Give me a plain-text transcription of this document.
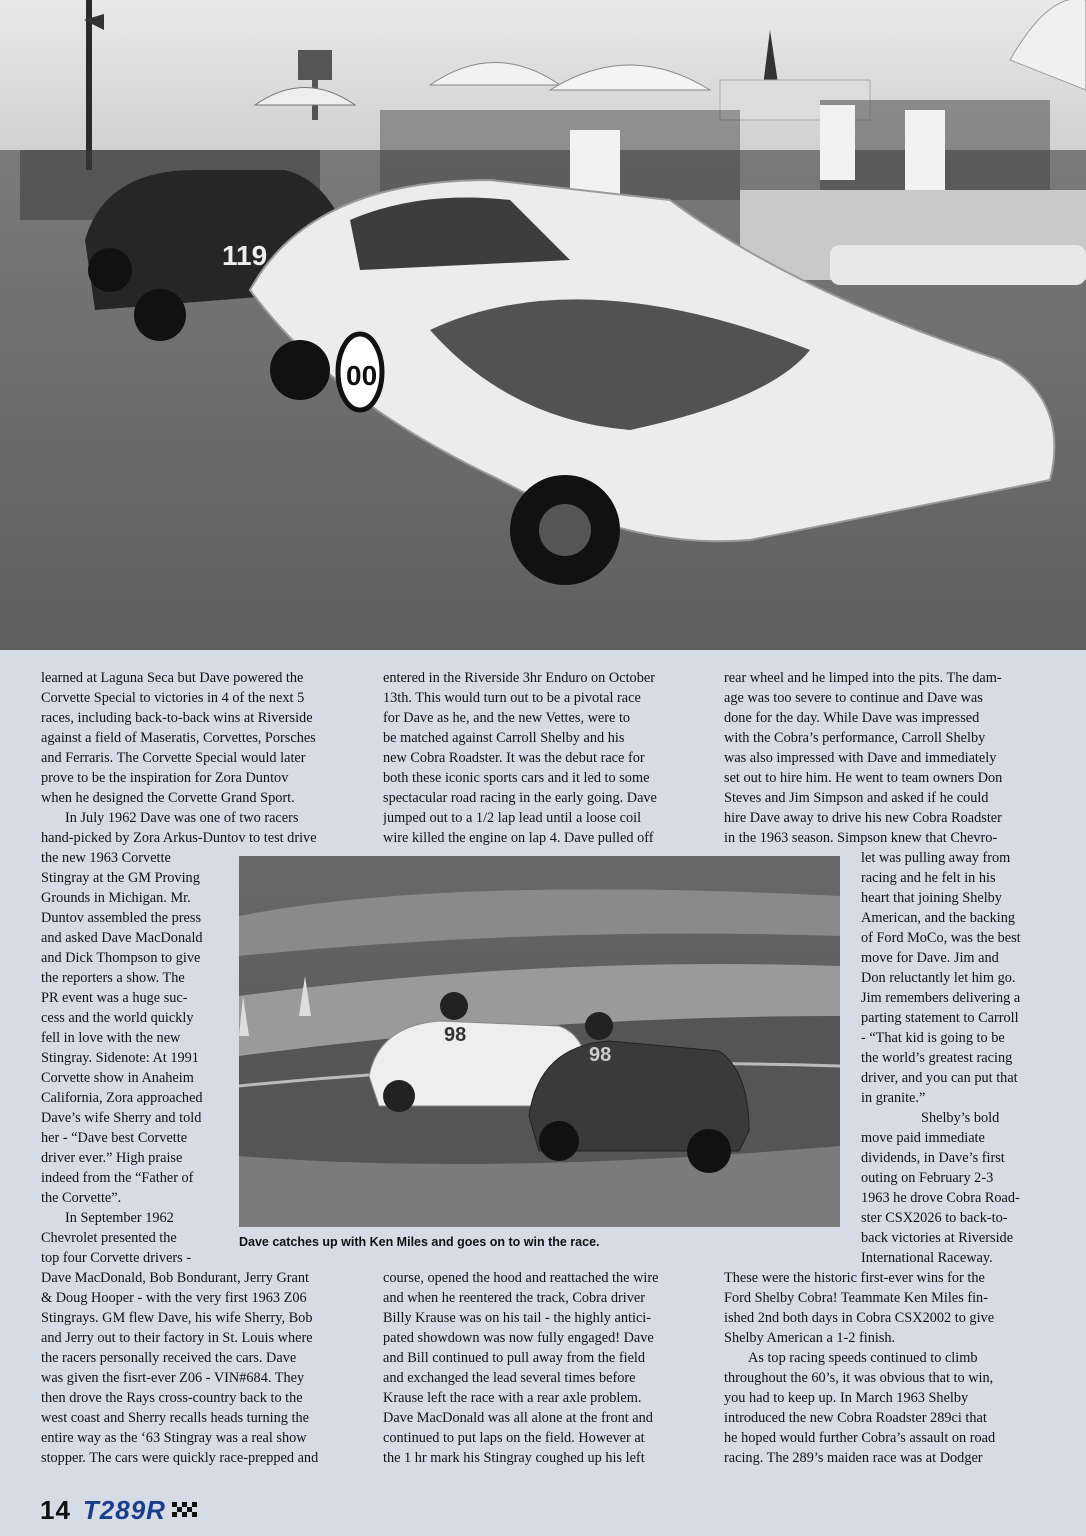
119
00
learned at Laguna Seca but Dave powered the
Corvette Special to victories in 4 of the next 5
races, including back-to-back wins at Riverside
against a field of Maseratis, Corvettes, Porsches
and Ferraris. The Corvette Special would later
prove to be the inspiration for Zora Duntov
when he designed the Corvette Grand Sport.
In July 1962 Dave was one of two racers
hand-picked by Zora Arkus-Duntov to test drive
the new 1963 Corvette
Stingray at the GM Proving
Grounds in Michigan. Mr.
Duntov assembled the press
and asked Dave MacDonald
and Dick Thompson to give
the reporters a show. The
PR event was a huge suc-
cess and the world quickly
fell in love with the new
Stingray. Sidenote: At 1991
Corvette show in Anaheim
California, Zora approached
Dave’s wife Sherry and told
her - “Dave best Corvette
driver ever.” High praise
indeed from the “Father of
the Corvette”.
In September 1962
Chevrolet presented the
top four Corvette drivers -
Dave MacDonald, Bob Bondurant, Jerry Grant
& Doug Hooper - with the very first 1963 Z06
Stingrays. GM flew Dave, his wife Sherry, Bob
and Jerry out to their factory in St. Louis where
the racers personally received the cars. Dave
was given the fisrt-ever Z06 - VIN#684. They
then drove the Rays cross-country back to the
west coast and Sherry recalls heads turning the
entire way as the ‘63 Stingray was a real show
stopper. The cars were quickly race-prepped and
entered in the Riverside 3hr Enduro on October
13th. This would turn out to be a pivotal race
for Dave as he, and the new Vettes, were to
be matched against Carroll Shelby and his
new Cobra Roadster. It was the debut race for
both these iconic sports cars and it led to some
spectacular road racing in the early going. Dave
jumped out to a 1/2 lap lead until a loose coil
wire killed the engine on lap 4. Dave pulled off
course, opened the hood and reattached the wire
and when he reentered the track, Cobra driver
Billy Krause was on his tail - the highly antici-
pated showdown was now fully engaged! Dave
and Bill continued to pull away from the field
and exchanged the lead several times before
Krause left the race with a rear axle problem.
Dave MacDonald was all alone at the front and
continued to put laps on the field. However at
the 1 hr mark his Stingray coughed up his left
rear wheel and he limped into the pits. The dam-
age was too severe to continue and Dave was
done for the day. While Dave was impressed
with the Cobra’s performance, Carroll Shelby
was also impressed with Dave and immediately
set out to hire him. He went to team owners Don
Steves and Jim Simpson and asked if he could
hire Dave away to drive his new Cobra Roadster
in the 1963 season. Simpson knew that Chevro-
let was pulling away from
racing and he felt in his
heart that joining Shelby
American, and the backing
of Ford MoCo, was the best
move for Dave. Jim and
Don reluctantly let him go.
Jim remembers delivering a
parting statement to Carroll
- “That kid is going to be
the world’s greatest racing
driver, and you can put that
in granite.”
Shelby’s bold
move paid immediate
dividends, in Dave’s first
outing on February 2-3
1963 he drove Cobra Road-
ster CSX2026 to back-to-
back victories at Riverside
International Raceway.
These were the historic first-ever wins for the
Ford Shelby Cobra! Teammate Ken Miles fin-
ished 2nd both days in Cobra CSX2002 to give
Shelby American a 1-2 finish.
As top racing speeds continued to climb
throughout the 60’s, it was obvious that to win,
you had to keep up. In March 1963 Shelby
introduced the new Cobra Roadster 289ci that
he hoped would further Cobra’s assault on road
racing. The 289’s maiden race was at Dodger
98
98
Dave catches up with Ken Miles and goes on to win the race.
14 T289R
